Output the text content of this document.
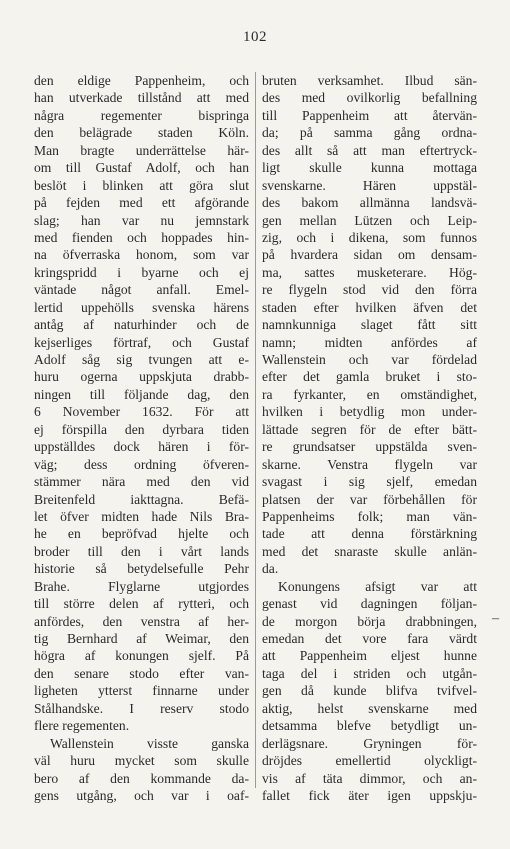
102
den eldige Pappenheim, och
han utverkade tillstånd att med
några regementer bispringa
den belägrade staden Köln.
Man bragte underrättelse här-
om till Gustaf Adolf, och han
beslöt i blinken att göra slut
på fejden med ett afgörande
slag; han var nu jemnstark
med fienden och hoppades hin-
na öfverraska honom, som var
kringspridd i byarne och ej
väntade något anfall. Emel-
lertid uppehölls svenska härens
antåg af naturhinder och de
kejserliges förtraf, och Gustaf
Adolf såg sig tvungen att e-
huru ogerna uppskjuta drabb-
ningen till följande dag, den
6 November 1632. För att
ej förspilla den dyrbara tiden
uppställdes dock hären i för-
väg; dess ordning öfveren-
stämmer nära med den vid
Breitenfeld iakttagna. Befä-
let öfver midten hade Nils Bra-
he en bepröfvad hjelte och
broder till den i vårt lands
historie så betydelsefulle Pehr
Brahe. Flyglarne utgjordes
till större delen af rytteri, och
anfördes, den venstra af her-
tig Bernhard af Weimar, den
högra af konungen sjelf. På
den senare stodo efter van-
ligheten ytterst finnarne under
Stålhandske. I reserv stodo
flere regementen.
Wallenstein visste ganska
väl huru mycket som skulle
bero af den kommande da-
gens utgång, och var i oaf-
bruten verksamhet. Ilbud sän-
des med ovilkorlig befallning
till Pappenheim att återvän-
da; på samma gång ordna-
des allt så att man eftertryck-
ligt skulle kunna mottaga
svenskarne. Hären uppstäl-
des bakom allmänna landsvä-
gen mellan Lützen och Leip-
zig, och i dikena, som funnos
på hvardera sidan om densam-
ma, sattes musketerare. Hög-
re flygeln stod vid den förra
staden efter hvilken äfven det
namnkunniga slaget fått sitt
namn; midten anfördes af
Wallenstein och var fördelad
efter det gamla bruket i sto-
ra fyrkanter, en omständighet,
hvilken i betydlig mon under-
lättade segren för de efter bätt-
re grundsatser uppstälda sven-
skarne. Venstra flygeln var
svagast i sig sjelf, emedan
platsen der var förbehållen för
Pappenheims folk; man vän-
tade att denna förstärkning
med det snaraste skulle anlän-
da.
Konungens afsigt var att
genast vid dagningen följan-
de morgon börja drabbningen,
emedan det vore fara värdt
att Pappenheim eljest hunne
taga del i striden och utgån-
gen då kunde blifva tvifvel-
aktig, helst svenskarne med
detsamma blefve betydligt un-
derlägsnare. Gryningen för-
dröjdes emellertid olyckligt-
vis af täta dimmor, och an-
fallet fick äter igen uppskju-
–
